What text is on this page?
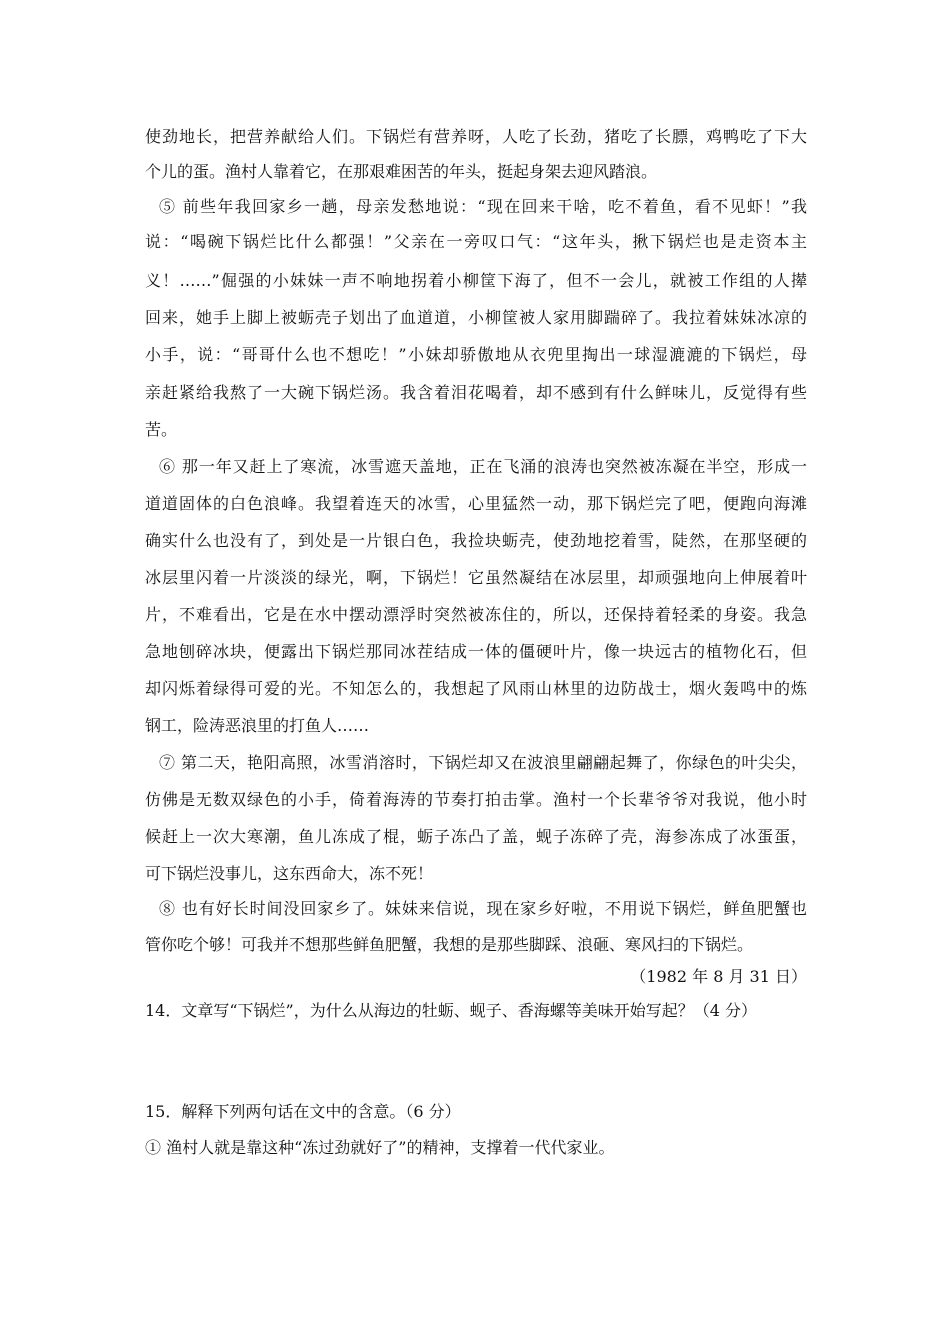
使劲地长，把营养献给人们。下锅烂有营养呀，人吃了长劲，猪吃了长膘，鸡鸭吃了下大
个儿的蛋。渔村人靠着它，在那艰难困苦的年头，挺起身架去迎风踏浪。
⑤ 前些年我回家乡一趟，母亲发愁地说：“现在回来干啥，吃不着鱼，看不见虾！”我
说：“喝碗下锅烂比什么都强！”父亲在一旁叹口气：“这年头，揪下锅烂也是走资本主
义！……”倔强的小妹妹一声不响地拐着小柳筐下海了，但不一会儿，就被工作组的人撵
回来，她手上脚上被蛎壳子划出了血道道，小柳筐被人家用脚踹碎了。我拉着妹妹冰凉的
小手，说：“哥哥什么也不想吃！”小妹却骄傲地从衣兜里掏出一球湿漉漉的下锅烂，母
亲赶紧给我熬了一大碗下锅烂汤。我含着泪花喝着，却不感到有什么鲜味儿，反觉得有些
苦。
⑥ 那一年又赶上了寒流，冰雪遮天盖地，正在飞涌的浪涛也突然被冻凝在半空，形成一
道道固体的白色浪峰。我望着连天的冰雪，心里猛然一动，那下锅烂完了吧，便跑向海滩
确实什么也没有了，到处是一片银白色，我捡块蛎壳，使劲地挖着雪，陡然，在那坚硬的
冰层里闪着一片淡淡的绿光，啊，下锅烂！它虽然凝结在冰层里，却顽强地向上伸展着叶
片，不难看出，它是在水中摆动漂浮时突然被冻住的，所以，还保持着轻柔的身姿。我急
急地刨碎冰块，便露出下锅烂那同冰茬结成一体的僵硬叶片，像一块远古的植物化石，但
却闪烁着绿得可爱的光。不知怎么的，我想起了风雨山林里的边防战士，烟火轰鸣中的炼
钢工，险涛恶浪里的打鱼人……
⑦ 第二天，艳阳高照，冰雪消溶时，下锅烂却又在波浪里翩翩起舞了，你绿色的叶尖尖，
仿佛是无数双绿色的小手，倚着海涛的节奏打拍击掌。渔村一个长辈爷爷对我说，他小时
候赶上一次大寒潮，鱼儿冻成了棍，蛎子冻凸了盖，蚬子冻碎了壳，海参冻成了冰蛋蛋，
可下锅烂没事儿，这东西命大，冻不死！
⑧ 也有好长时间没回家乡了。妹妹来信说，现在家乡好啦，不用说下锅烂，鲜鱼肥蟹也
管你吃个够！可我并不想那些鲜鱼肥蟹，我想的是那些脚踩、浪砸、寒风扫的下锅烂。
（1982 年 8 月 31 日）
14．文章写“下锅烂”，为什么从海边的牡蛎、蚬子、香海螺等美味开始写起？（4 分）
15．解释下列两句话在文中的含意。（6 分）
① 渔村人就是靠这种“冻过劲就好了”的精神，支撑着一代代家业。
